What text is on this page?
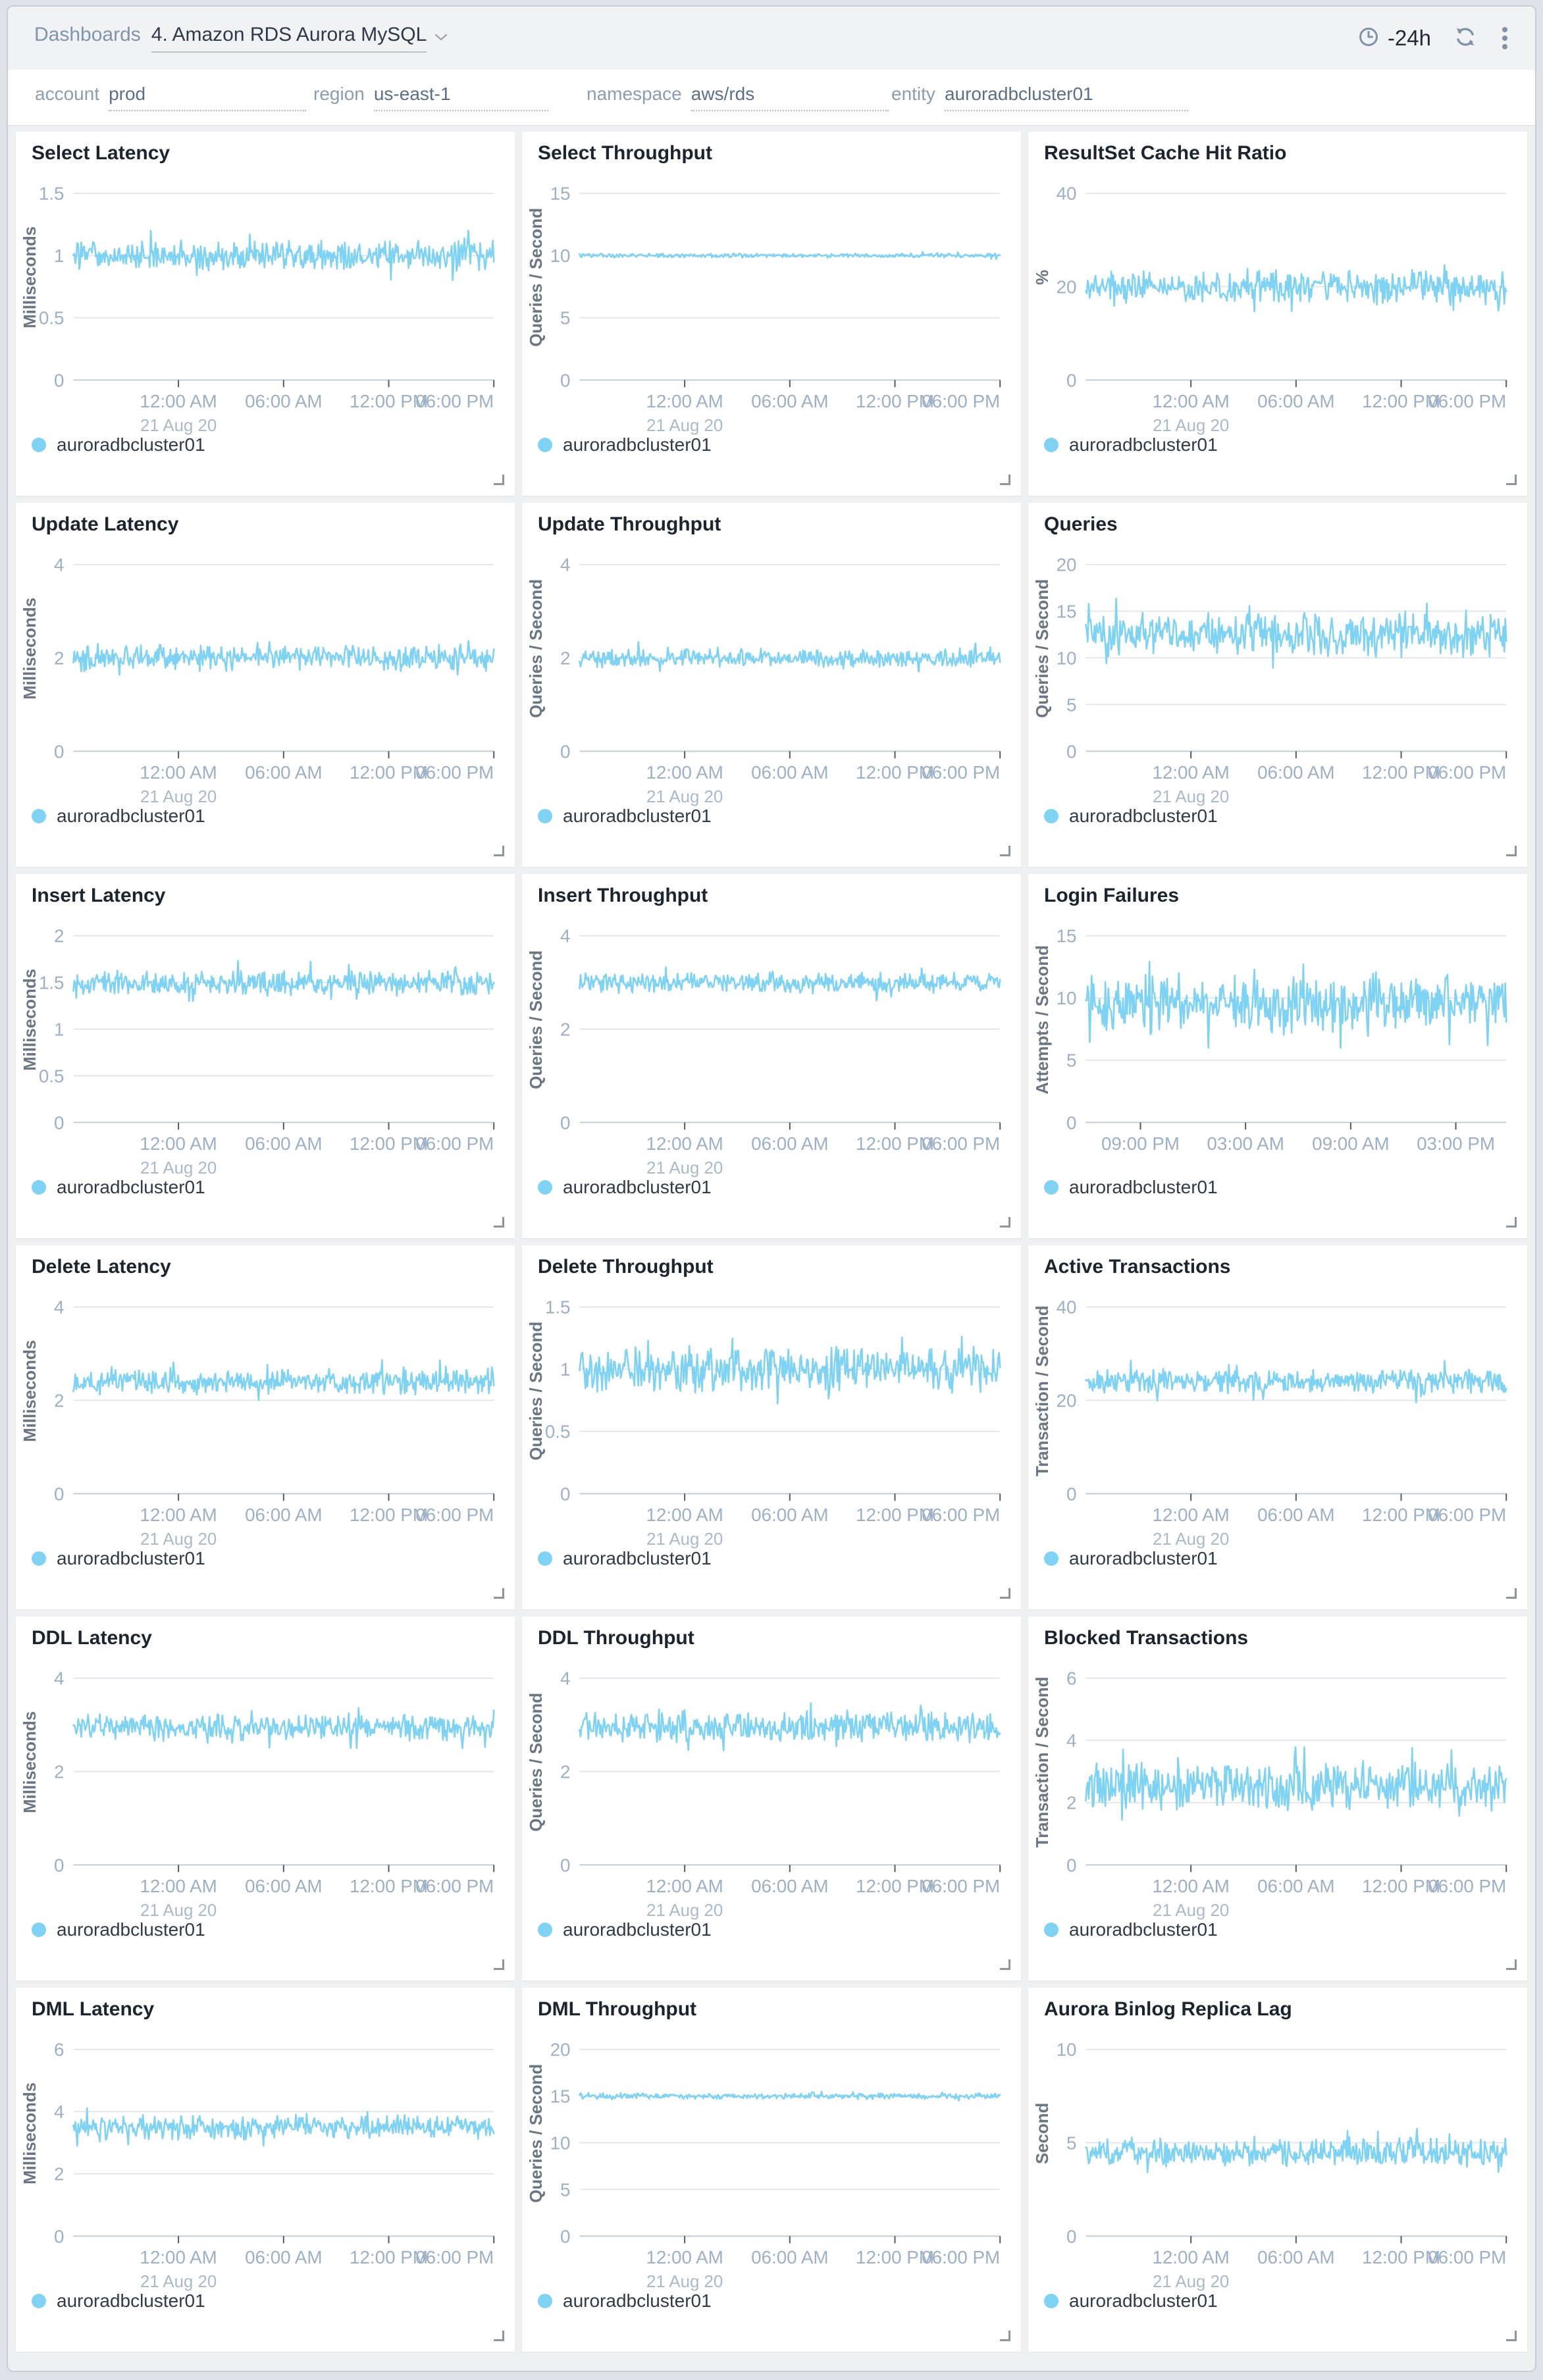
Dashboards 4. Amazon RDS Aurora MySQL	-24h
account prod	region us-east-1	namespace aws/rds	entity auroradbcluster01
Select Latency
0
0.5
1
1.5
Milliseconds
12:00 AM
21 Aug 20
06:00 AM 12:00 PM
06:00 PM
auroradbcluster01
Select Throughput
0
5
10
15
Queries / Second
12:00 AM
21 Aug 20
06:00 AM 12:00 PM
06:00 PM
auroradbcluster01
ResultSet Cache Hit Ratio
0
20
40
%
12:00 AM
21 Aug 20
06:00 AM 12:00 PM
06:00 PM
auroradbcluster01
Update Latency
0
2
4
Milliseconds
12:00 AM
21 Aug 20
06:00 AM 12:00 PM
06:00 PM
auroradbcluster01
Update Throughput
0
2
4
Queries / Second
12:00 AM
21 Aug 20
06:00 AM 12:00 PM
06:00 PM
auroradbcluster01
Queries
0
5
10
15
20
Queries / Second
12:00 AM
21 Aug 20
06:00 AM 12:00 PM
06:00 PM
auroradbcluster01
Insert Latency
0
0.5
1
1.5
2
Milliseconds
12:00 AM
21 Aug 20
06:00 AM 12:00 PM
06:00 PM
auroradbcluster01
Insert Throughput
0
2
4
Queries / Second
12:00 AM
21 Aug 20
06:00 AM 12:00 PM
06:00 PM
auroradbcluster01
Login Failures
0
5
10
15
Attempts / Second
09:00 PM 03:00 AM 09:00 AM 03:00 PM
auroradbcluster01
Delete Latency
0
2
4
Milliseconds
12:00 AM
21 Aug 20
06:00 AM 12:00 PM
06:00 PM
auroradbcluster01
Delete Throughput
0
0.5
1
1.5
Queries / Second
12:00 AM
21 Aug 20
06:00 AM 12:00 PM
06:00 PM
auroradbcluster01
Active Transactions
0
20
40
Transaction / Second
12:00 AM
21 Aug 20
06:00 AM 12:00 PM
06:00 PM
auroradbcluster01
DDL Latency
0
2
4
Milliseconds
12:00 AM
21 Aug 20
06:00 AM 12:00 PM
06:00 PM
auroradbcluster01
DDL Throughput
0
2
4
Queries / Second
12:00 AM
21 Aug 20
06:00 AM 12:00 PM
06:00 PM
auroradbcluster01
Blocked Transactions
0
2
4
6
Transaction / Second
12:00 AM
21 Aug 20
06:00 AM 12:00 PM
06:00 PM
auroradbcluster01
DML Latency
0
2
4
6
Milliseconds
12:00 AM
21 Aug 20
06:00 AM 12:00 PM
06:00 PM
auroradbcluster01
DML Throughput
0
5
10
15
20
Queries / Second
12:00 AM
21 Aug 20
06:00 AM 12:00 PM
06:00 PM
auroradbcluster01
Aurora Binlog Replica Lag
0
5
10
Second
12:00 AM
21 Aug 20
06:00 AM 12:00 PM
06:00 PM
auroradbcluster01
